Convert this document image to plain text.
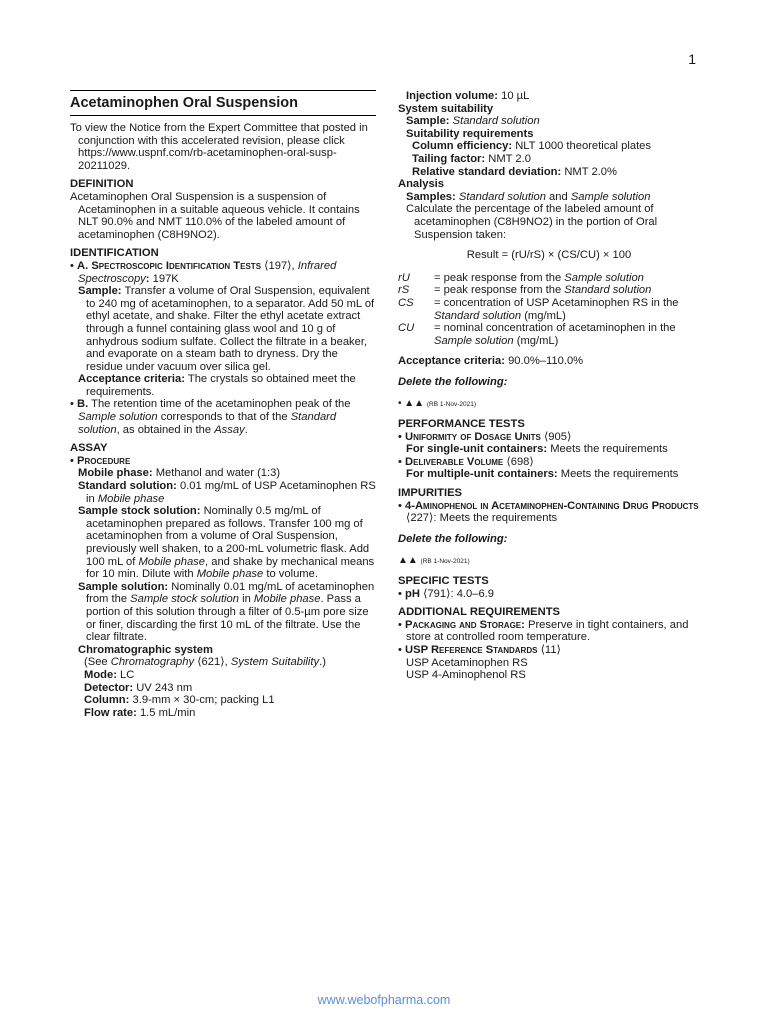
1
Acetaminophen Oral Suspension

To view the Notice from the Expert Committee that posted in conjunction with this accelerated revision, please click https://www.uspnf.com/rb-acetaminophen-oral-susp-20211029.

DEFINITION

Acetaminophen Oral Suspension is a suspension of Acetaminophen in a suitable aqueous vehicle. It contains NLT 90.0% and NMT 110.0% of the labeled amount of acetaminophen (C8H9NO2).

IDENTIFICATION

• A. Spectroscopic Identification Tests ⟨197⟩, Infrared Spectroscopy: 197K

Sample: Transfer a volume of Oral Suspension, equivalent to 240 mg of acetaminophen, to a separator. Add 50 mL of ethyl acetate, and shake. Filter the ethyl acetate extract through a funnel containing glass wool and 10 g of anhydrous sodium sulfate. Collect the filtrate in a beaker, and evaporate on a steam bath to dryness. Dry the residue under vacuum over silica gel.

Acceptance criteria: The crystals so obtained meet the requirements.

• B. The retention time of the acetaminophen peak of the Sample solution corresponds to that of the Standard solution, as obtained in the Assay.

ASSAY

• Procedure

Mobile phase: Methanol and water (1:3)

Standard solution: 0.01 mg/mL of USP Acetaminophen RS in Mobile phase

Sample stock solution: Nominally 0.5 mg/mL of acetaminophen prepared as follows. Transfer 100 mg of acetaminophen from a volume of Oral Suspension, previously well shaken, to a 200-mL volumetric flask. Add 100 mL of Mobile phase, and shake by mechanical means for 10 min. Dilute with Mobile phase to volume.

Sample solution: Nominally 0.01 mg/mL of acetaminophen from the Sample stock solution in Mobile phase. Pass a portion of this solution through a filter of 0.5-µm pore size or finer, discarding the first 10 mL of the filtrate. Use the clear filtrate.

Chromatographic system

(See Chromatography ⟨621⟩, System Suitability.)

Mode: LC

Detector: UV 243 nm

Column: 3.9-mm × 30-cm; packing L1

Flow rate: 1.5 mL/min

Injection volume: 10 µL

System suitability

Sample: Standard solution

Suitability requirements

Column efficiency: NLT 1000 theoretical plates

Tailing factor: NMT 2.0

Relative standard deviation: NMT 2.0%

Analysis

Samples: Standard solution and Sample solution

Calculate the percentage of the labeled amount of acetaminophen (C8H9NO2) in the portion of Oral Suspension taken:

Result = (rU/rS) × (CS/CU) × 100

rU	= peak response from the Sample solution
rS	= peak response from the Standard solution
CS	= concentration of USP Acetaminophen RS in the Standard solution (mg/mL)
CU	= nominal concentration of acetaminophen in the Sample solution (mg/mL)

Acceptance criteria: 90.0%–110.0%

Delete the following:

• ▲▲ (RB 1-Nov-2021)

PERFORMANCE TESTS

• Uniformity of Dosage Units ⟨905⟩

For single-unit containers: Meets the requirements

• Deliverable Volume ⟨698⟩

For multiple-unit containers: Meets the requirements

IMPURITIES

• 4-Aminophenol in Acetaminophen-Containing Drug Products ⟨227⟩: Meets the requirements

Delete the following:

▲▲ (RB 1-Nov-2021)

SPECIFIC TESTS

• pH ⟨791⟩: 4.0–6.9

ADDITIONAL REQUIREMENTS

• Packaging and Storage: Preserve in tight containers, and store at controlled room temperature.

• USP Reference Standards ⟨11⟩

USP Acetaminophen RS

USP 4-Aminophenol RS

www.webofpharma.com
